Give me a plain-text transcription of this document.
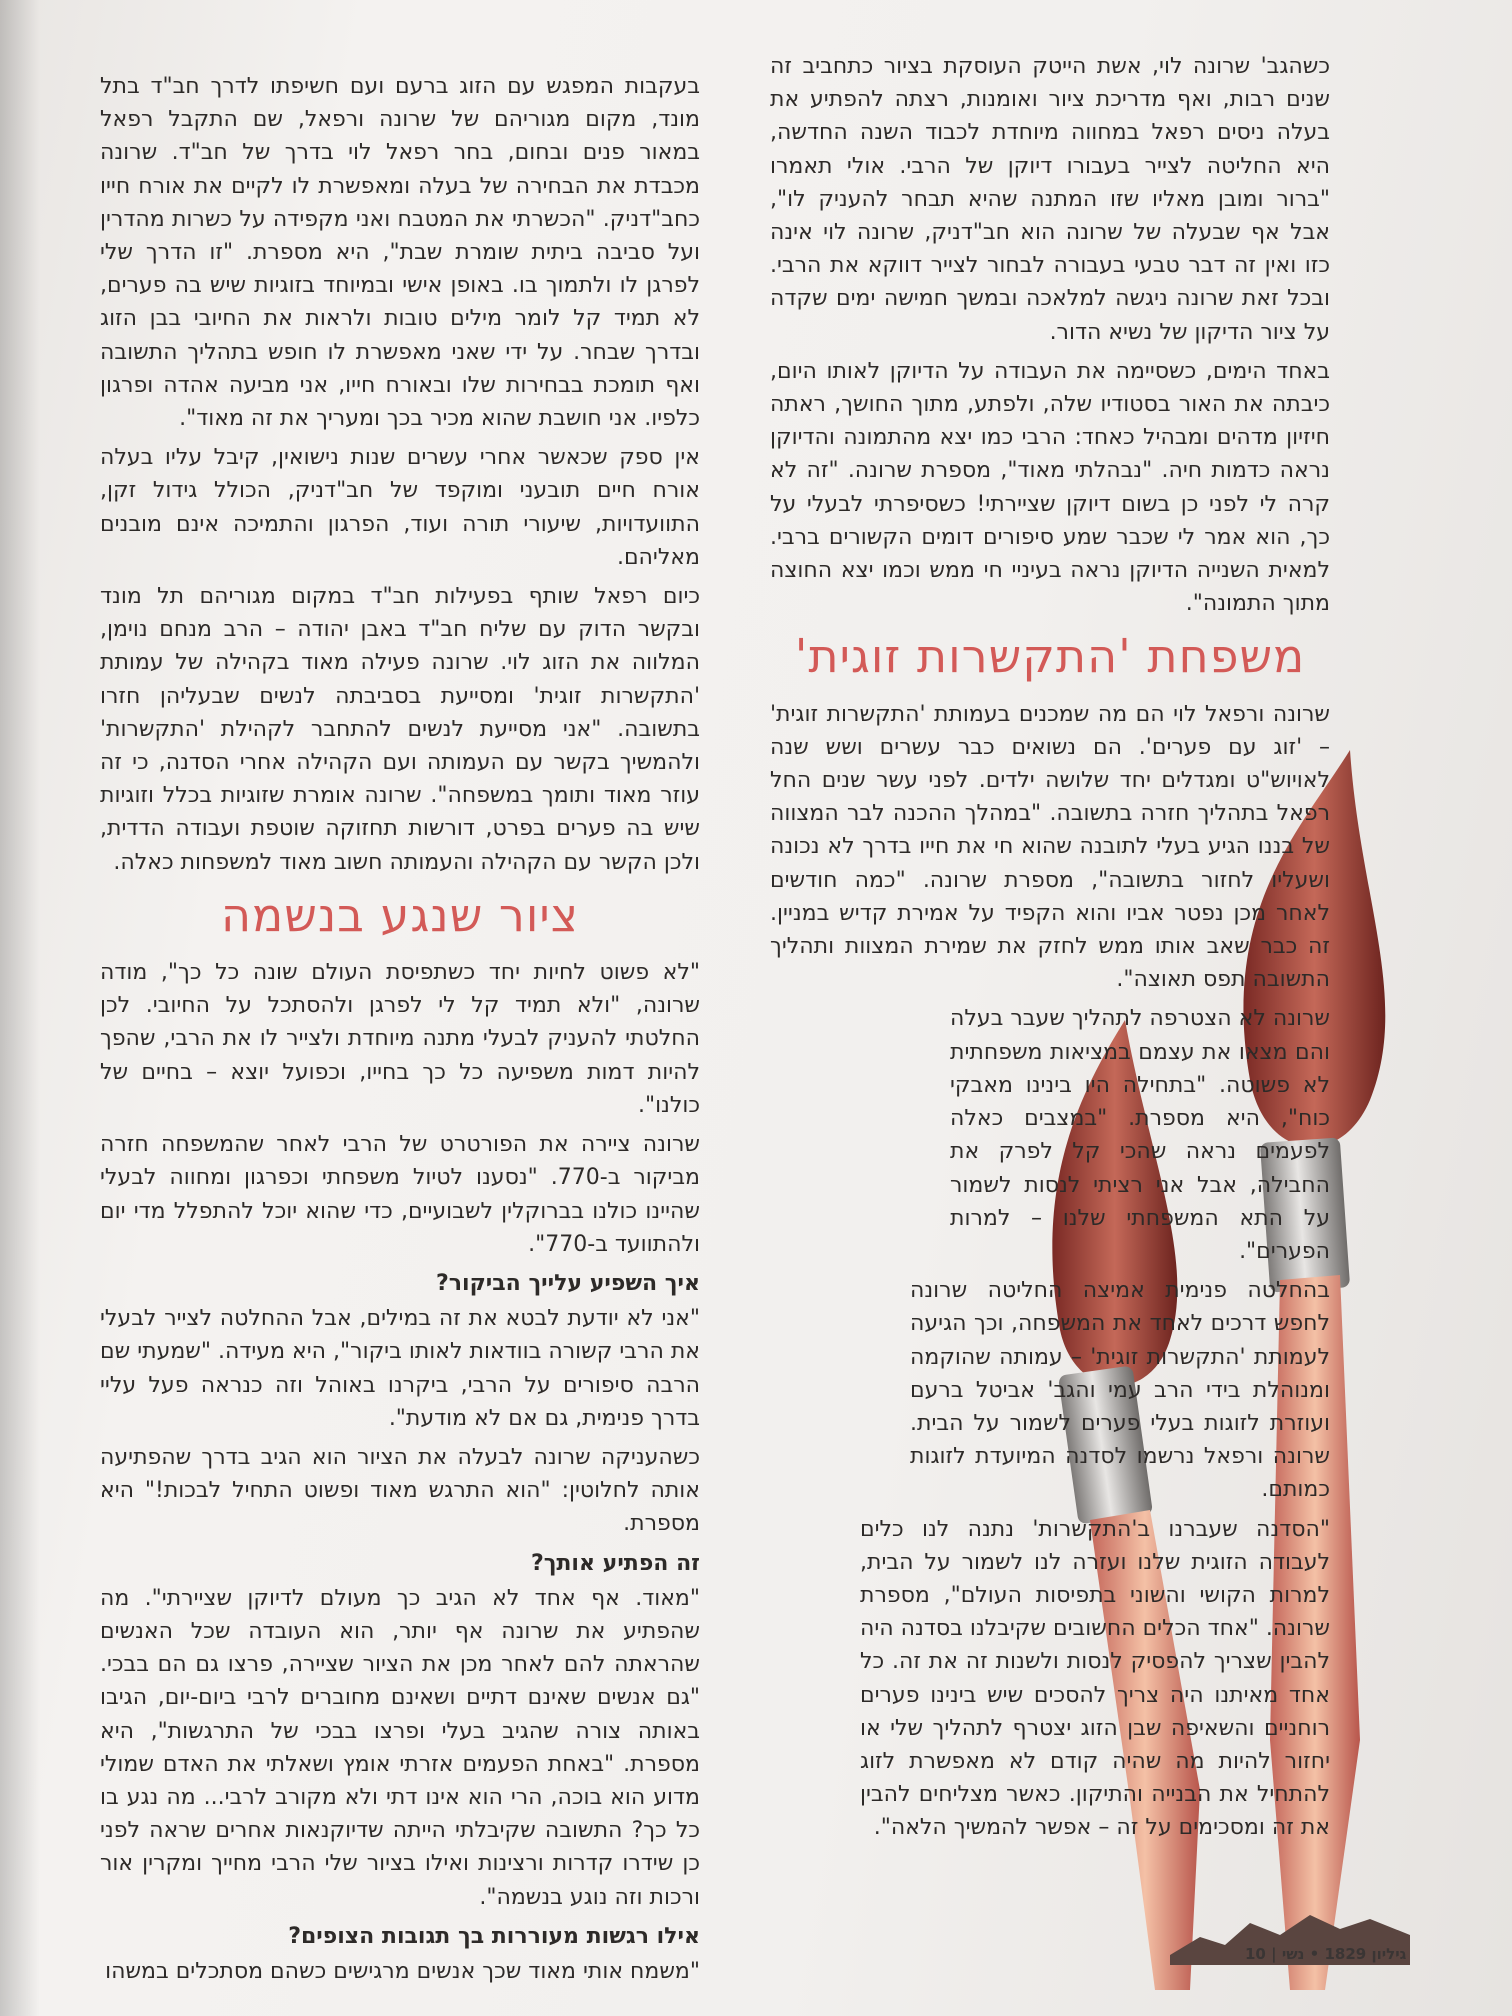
כשהגב' שרונה לוי, אשת הייטק העוסקת בציור כתחביב זה שנים רבות, ואף מדריכת ציור ואומנות, רצתה להפתיע את בעלה ניסים רפאל במחווה מיוחדת לכבוד השנה החדשה, היא החליטה לצייר בעבורו דיוקן של הרבי. אולי תאמרו "ברור ומובן מאליו שזו המתנה שהיא תבחר להעניק לו", אבל אף שבעלה של שרונה הוא חב"דניק, שרונה לוי אינה כזו ואין זה דבר טבעי בעבורה לבחור לצייר דווקא את הרבי. ובכל זאת שרונה ניגשה למלאכה ובמשך חמישה ימים שקדה על ציור הדיקון של נשיא הדור.

באחד הימים, כשסיימה את העבודה על הדיוקן לאותו היום, כיבתה את האור בסטודיו שלה, ולפתע, מתוך החושך, ראתה חיזיון מדהים ומבהיל כאחד: הרבי כמו יצא מהתמונה והדיוקן נראה כדמות חיה. "נבהלתי מאוד", מספרת שרונה. "זה לא קרה לי לפני כן בשום דיוקן שציירתי! כשסיפרתי לבעלי על כך, הוא אמר לי שכבר שמע סיפורים דומים הקשורים ברבי. למאית השנייה הדיוקן נראה בעיניי חי ממש וכמו יצא החוצה מתוך התמונה".

משפחת 'התקשרות זוגית'

שרונה ורפאל לוי הם מה שמכנים בעמותת 'התקשרות זוגית' – 'זוג עם פערים'. הם נשואים כבר עשרים ושש שנה לאויוש"ט ומגדלים יחד שלושה ילדים. לפני עשר שנים החל רפאל בתהליך חזרה בתשובה. "במהלך ההכנה לבר המצווה של בננו הגיע בעלי לתובנה שהוא חי את חייו בדרך לא נכונה ושעליו לחזור בתשובה", מספרת שרונה. "כמה חודשים לאחר מכן נפטר אביו והוא הקפיד על אמירת קדיש במניין. זה כבר שאב אותו ממש לחזק את שמירת המצוות ותהליך התשובה תפס תאוצה".

שרונה לא הצטרפה לתהליך שעבר בעלה והם מצאו את עצמם במציאות משפחתית לא פשוטה. "בתחילה היו בינינו מאבקי כוח", היא מספרת. "במצבים כאלה לפעמים נראה שהכי קל לפרק את החבילה, אבל אני רציתי לנסות לשמור על התא המשפחתי שלנו – למרות הפערים".

בהחלטה פנימית אמיצה החליטה שרונה לחפש דרכים לאחד את המשפחה, וכך הגיעה לעמותת 'התקשרות זוגית' – עמותה שהוקמה ומנוהלת בידי הרב עמי והגב' אביטל ברעם ועוזרת לזוגות בעלי פערים לשמור על הבית. שרונה ורפאל נרשמו לסדנה המיועדת לזוגות כמותם.

"הסדנה שעברנו ב'התקשרות' נתנה לנו כלים לעבודה הזוגית שלנו ועזרה לנו לשמור על הבית, למרות הקושי והשוני בתפיסות העולם", מספרת שרונה. "אחד הכלים החשובים שקיבלנו בסדנה היה להבין שצריך להפסיק לנסות ולשנות זה את זה. כל אחד מאיתנו היה צריך להסכים שיש בינינו פערים רוחניים והשאיפה שבן הזוג יצטרף לתהליך שלי או יחזור להיות מה שהיה קודם לא מאפשרת לזוג להתחיל את הבנייה והתיקון. כאשר מצליחים להבין את זה ומסכימים על זה – אפשר להמשיך הלאה".

בעקבות המפגש עם הזוג ברעם ועם חשיפתו לדרך חב"ד בתל מונד, מקום מגוריהם של שרונה ורפאל, שם התקבל רפאל במאור פנים ובחום, בחר רפאל לוי בדרך של חב"ד. שרונה מכבדת את הבחירה של בעלה ומאפשרת לו לקיים את אורח חייו כחב"דניק. "הכשרתי את המטבח ואני מקפידה על כשרות מהדרין ועל סביבה ביתית שומרת שבת", היא מספרת. "זו הדרך שלי לפרגן לו ולתמוך בו. באופן אישי ובמיוחד בזוגיות שיש בה פערים, לא תמיד קל לומר מילים טובות ולראות את החיובי בבן הזוג ובדרך שבחר. על ידי שאני מאפשרת לו חופש בתהליך התשובה ואף תומכת בבחירות שלו ובאורח חייו, אני מביעה אהדה ופרגון כלפיו. אני חושבת שהוא מכיר בכך ומעריך את זה מאוד".

אין ספק שכאשר אחרי עשרים שנות נישואין, קיבל עליו בעלה אורח חיים תובעני ומוקפד של חב"דניק, הכולל גידול זקן, התוועדויות, שיעורי תורה ועוד, הפרגון והתמיכה אינם מובנים מאליהם.

כיום רפאל שותף בפעילות חב"ד במקום מגוריהם תל מונד ובקשר הדוק עם שליח חב"ד באבן יהודה – הרב מנחם נוימן, המלווה את הזוג לוי. שרונה פעילה מאוד בקהילה של עמותת 'התקשרות זוגית' ומסייעת בסביבתה לנשים שבעליהן חזרו בתשובה. "אני מסייעת לנשים להתחבר לקהילת 'התקשרות' ולהמשיך בקשר עם העמותה ועם הקהילה אחרי הסדנה, כי זה עוזר מאוד ותומך במשפחה". שרונה אומרת שזוגיות בכלל וזוגיות שיש בה פערים בפרט, דורשות תחזוקה שוטפת ועבודה הדדית, ולכן הקשר עם הקהילה והעמותה חשוב מאוד למשפחות כאלה.

ציור שנגע בנשמה

"לא פשוט לחיות יחד כשתפיסת העולם שונה כל כך", מודה שרונה, "ולא תמיד קל לי לפרגן ולהסתכל על החיובי. לכן החלטתי להעניק לבעלי מתנה מיוחדת ולצייר לו את הרבי, שהפך להיות דמות משפיעה כל כך בחייו, וכפועל יוצא – בחיים של כולנו".

שרונה ציירה את הפורטרט של הרבי לאחר שהמשפחה חזרה מביקור ב-770. "נסענו לטיול משפחתי וכפרגון ומחווה לבעלי שהיינו כולנו בברוקלין לשבועיים, כדי שהוא יוכל להתפלל מדי יום ולהתוועד ב-770".

איך השפיע עלייך הביקור?

"אני לא יודעת לבטא את זה במילים, אבל ההחלטה לצייר לבעלי את הרבי קשורה בוודאות לאותו ביקור", היא מעידה. "שמעתי שם הרבה סיפורים על הרבי, ביקרנו באוהל וזה כנראה פעל עליי בדרך פנימית, גם אם לא מודעת".

כשהעניקה שרונה לבעלה את הציור הוא הגיב בדרך שהפתיעה אותה לחלוטין: "הוא התרגש מאוד ופשוט התחיל לבכות!" היא מספרת.

זה הפתיע אותך?

"מאוד. אף אחד לא הגיב כך מעולם לדיוקן שציירתי". מה שהפתיע את שרונה אף יותר, הוא העובדה שכל האנשים שהראתה להם לאחר מכן את הציור שציירה, פרצו גם הם בבכי. "גם אנשים שאינם דתיים ושאינם מחוברים לרבי ביום-יום, הגיבו באותה צורה שהגיב בעלי ופרצו בבכי של התרגשות", היא מספרת. "באחת הפעמים אזרתי אומץ ושאלתי את האדם שמולי מדוע הוא בוכה, הרי הוא אינו דתי ולא מקורב לרבי... מה נגע בו כל כך? התשובה שקיבלתי הייתה שדיוקנאות אחרים שראה לפני כן שידרו קדרות ורצינות ואילו בציור שלי הרבי מחייך ומקרין אור ורכות וזה נוגע בנשמה".

אילו רגשות מעוררות בך תגובות הצופים?

"משמח אותי מאוד שכך אנשים מרגישים כשהם מסתכלים במשהו

גיליון 1829 • נשי | 10
